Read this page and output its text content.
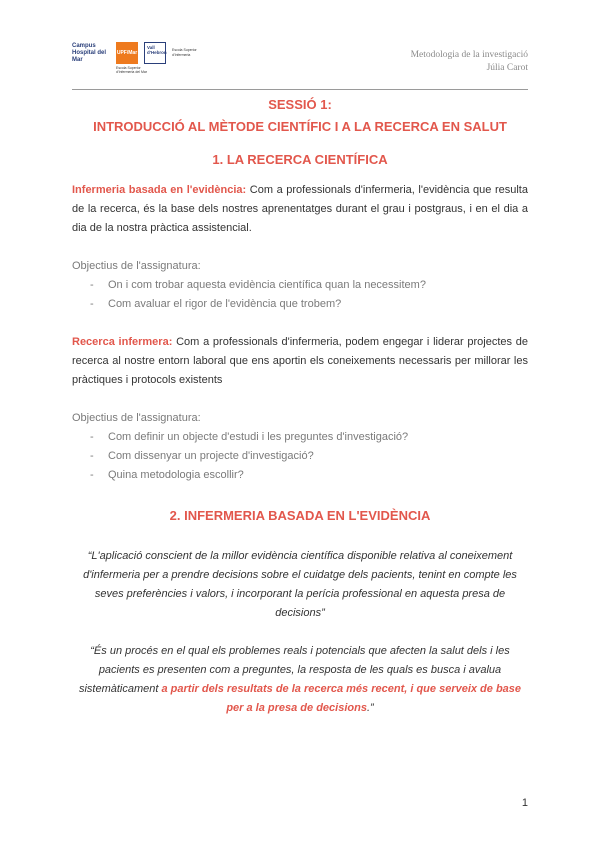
Campus Hospital del Mar
UPF/Mar
Escola Superior d'Infermeria del Mar
Vall d'Hebron Escola Superior d'Infermeria	Metodologia de la investigació
Júlia Carot
SESSIÓ 1:
INTRODUCCIÓ AL MÈTODE CIENTÍFIC I A LA RECERCA EN SALUT
1. LA RECERCA CIENTÍFICA

Infermeria basada en l'evidència: Com a professionals d'infermeria, l'evidència que resulta de la recerca, és la base dels nostres aprenentatges durant el grau i postgraus, i en el dia a dia de la nostra pràctica assistencial.

Objectius de l'assignatura:
- On i com trobar aquesta evidència científica quan la necessitem?
- Com avaluar el rigor de l'evidència que trobem?

Recerca infermera: Com a professionals d'infermeria, podem engegar i liderar projectes de recerca al nostre entorn laboral que ens aportin els coneixements necessaris per millorar les pràctiques i protocols existents

Objectius de l'assignatura:
- Com definir un objecte d'estudi i les preguntes d'investigació?
- Com dissenyar un projecte d'investigació?
- Quina metodologia escollir?
2. INFERMERIA BASADA EN L'EVIDÈNCIA

“L'aplicació conscient de la millor evidència científica disponible relativa al coneixement d'infermeria per a prendre decisions sobre el cuidatge dels pacients, tenint en compte les seves preferències i valors, i incorporant la perícia professional en aquesta presa de decisions”

“És un procés en el qual els problemes reals i potencials que afecten la salut dels i les pacients es presenten com a preguntes, la resposta de les quals es busca i avalua sistemàticament a partir dels resultats de la recerca més recent, i que serveix de base per a la presa de decisions.”

1
